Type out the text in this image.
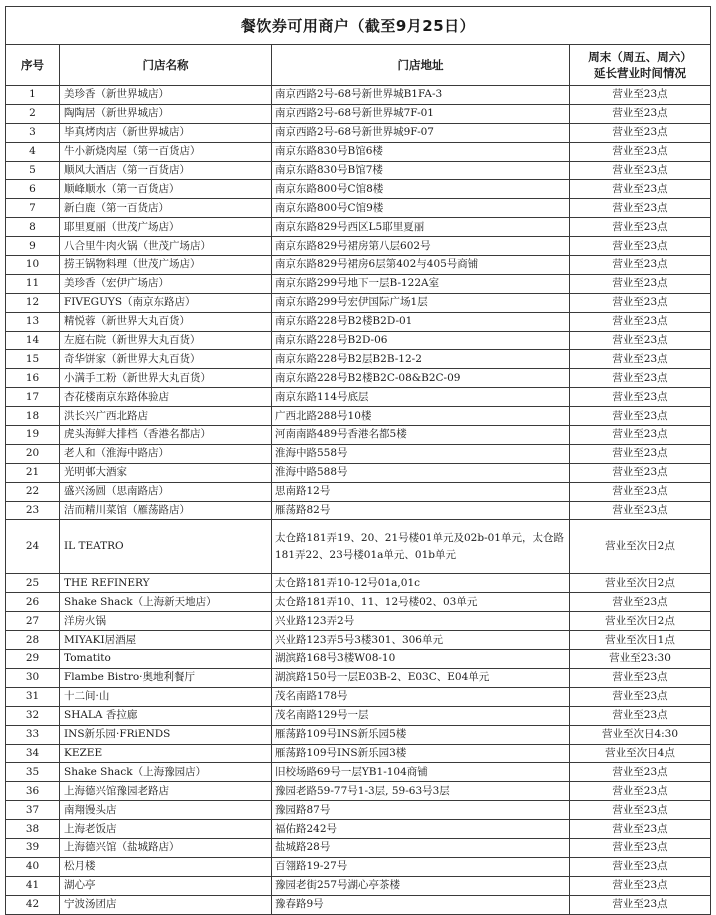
餐饮券可用商户（截至9月25日）			
序号	门店名称	门店地址	周末（周五、周六）
延长营业时间情况

1	美珍香（新世界城店）	南京西路2号-68号新世界城B1FA-3	营业至23点
2	陶陶居（新世界城店）	南京西路2号-68号新世界城7F-01	营业至23点
3	毕真烤肉店（新世界城店）	南京西路2号-68号新世界城9F-07	营业至23点
4	牛小新烧肉屋（第一百货店）	南京东路830号B馆6楼	营业至23点
5	顺风大酒店（第一百货店）	南京东路830号B馆7楼	营业至23点
6	顺峰顺水（第一百货店）	南京东路800号C馆8楼	营业至23点
7	新白鹿（第一百货店）	南京东路800号C馆9楼	营业至23点
8	耶里夏丽（世茂广场店）	南京东路829号西区L5耶里夏丽	营业至23点
9	八合里牛肉火锅（世茂广场店）	南京东路829号裙房第八层602号	营业至23点
10	捞王锅物料理（世茂广场店）	南京东路829号裙房6层第402与405号商铺	营业至23点
11	美珍香（宏伊广场店）	南京东路299号地下一层B-122A室	营业至23点
12	FIVEGUYS（南京东路店）	南京东路299号宏伊国际广场1层	营业至23点
13	精悦蓉（新世界大丸百货）	南京东路228号B2楼B2D-01	营业至23点
14	左庭右院（新世界大丸百货）	南京东路228号B2D-06	营业至23点
15	奇华饼家（新世界大丸百货）	南京东路228号B2层B2B-12-2	营业至23点
16	小满手工粉（新世界大丸百货）	南京东路228号B2楼B2C-08&B2C-09	营业至23点
17	杏花楼南京东路体验店	南京东路114号底层	营业至23点
18	洪长兴广西北路店	广西北路288号10楼	营业至23点
19	虎头海鲜大排档（香港名都店）	河南南路489号香港名都5楼	营业至23点
20	老人和（淮海中路店）	淮海中路558号	营业至23点
21	光明邨大酒家	淮海中路588号	营业至23点
22	盛兴汤圆（思南路店）	思南路12号	营业至23点
23	洁而精川菜馆（雁荡路店）	雁荡路82号	营业至23点
24	IL TEATRO	太仓路181弄19、20、21号楼01单元及02b-01单元，太仓路181弄22、23号楼01a单元、01b单元	营业至次日2点
25	THE REFINERY	太仓路181弄10-12号01a,01c	营业至次日2点
26	Shake Shack（上海新天地店）	太仓路181弄10、11、12号楼02、03单元	营业至23点
27	洋房火锅	兴业路123弄2号	营业至次日2点
28	MIYAKI居酒屋	兴业路123弄5号3楼301、306单元	营业至次日1点
29	Tomatito	湖滨路168号3楼W08-10	营业至23:30
30	Flambe Bistro·奥地利餐厅	湖滨路150号一层E03B-2、E03C、E04单元	营业至23点
31	十二间·山	茂名南路178号	营业至23点
32	SHALA 香拉廊	茂名南路129号一层	营业至23点
33	INS新乐园·FRiENDS	雁荡路109号INS新乐园5楼	营业至次日4:30
34	KEZEE	雁荡路109号INS新乐园3楼	营业至次日4点
35	Shake Shack（上海豫园店）	旧校场路69号一层YB1-104商铺	营业至23点
36	上海德兴馆豫园老路店	豫园老路59-77号1-3层, 59-63号3层	营业至23点
37	南翔馒头店	豫园路87号	营业至23点
38	上海老饭店	福佑路242号	营业至23点
39	上海德兴馆（盐城路店）	盐城路28号	营业至23点
40	松月楼	百翎路19-27号	营业至23点
41	湖心亭	豫园老街257号湖心亭茶楼	营业至23点
42	宁波汤团店	豫春路9号	营业至23点
